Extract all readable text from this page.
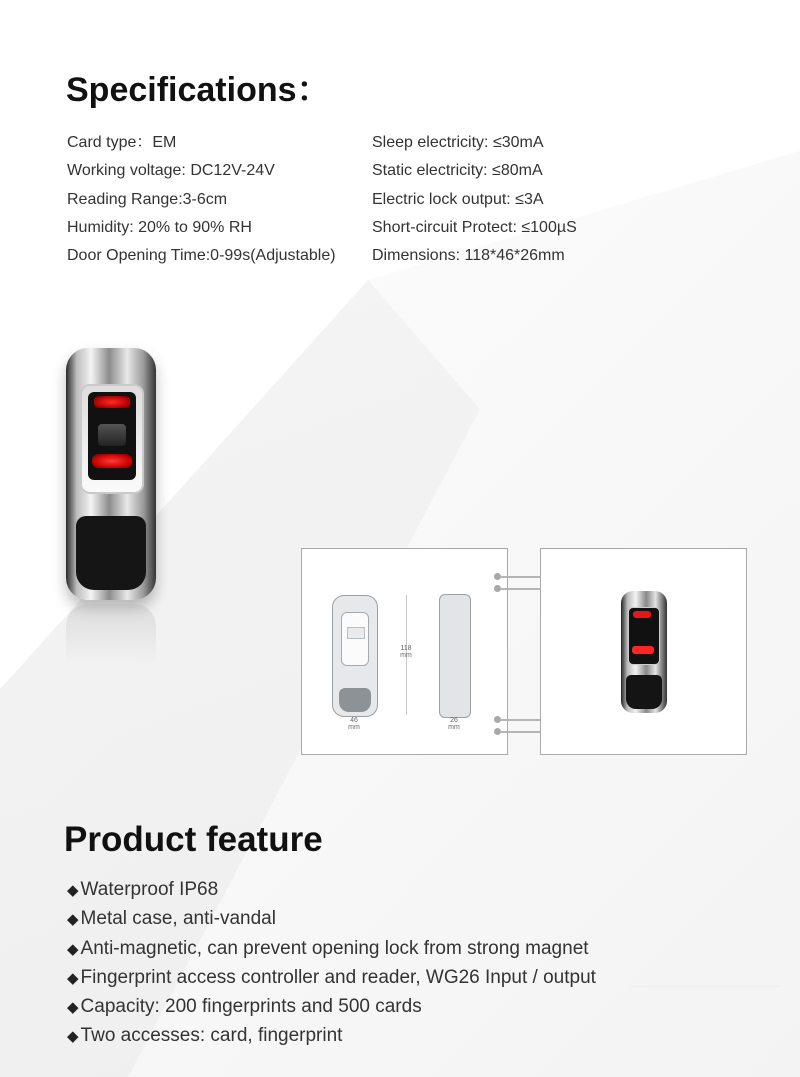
Specifications：
Card type：EM
Working voltage: DC12V-24V
Reading Range:3-6cm
Humidity: 20% to 90% RH
Door Opening Time:0-99s(Adjustable)
Sleep electricity: ≤30mA
Static electricity: ≤80mA
Electric lock output: ≤3A
Short-circuit Protect: ≤100µS
Dimensions: 118*46*26mm
118
mm
46
mm
26
mm
Product feature
◆ Waterproof IP68
◆ Metal case, anti-vandal
◆ Anti-magnetic, can prevent opening lock from strong magnet
◆ Fingerprint access controller and reader, WG26 Input / output
◆ Capacity: 200 fingerprints and 500 cards
◆ Two accesses: card, fingerprint
